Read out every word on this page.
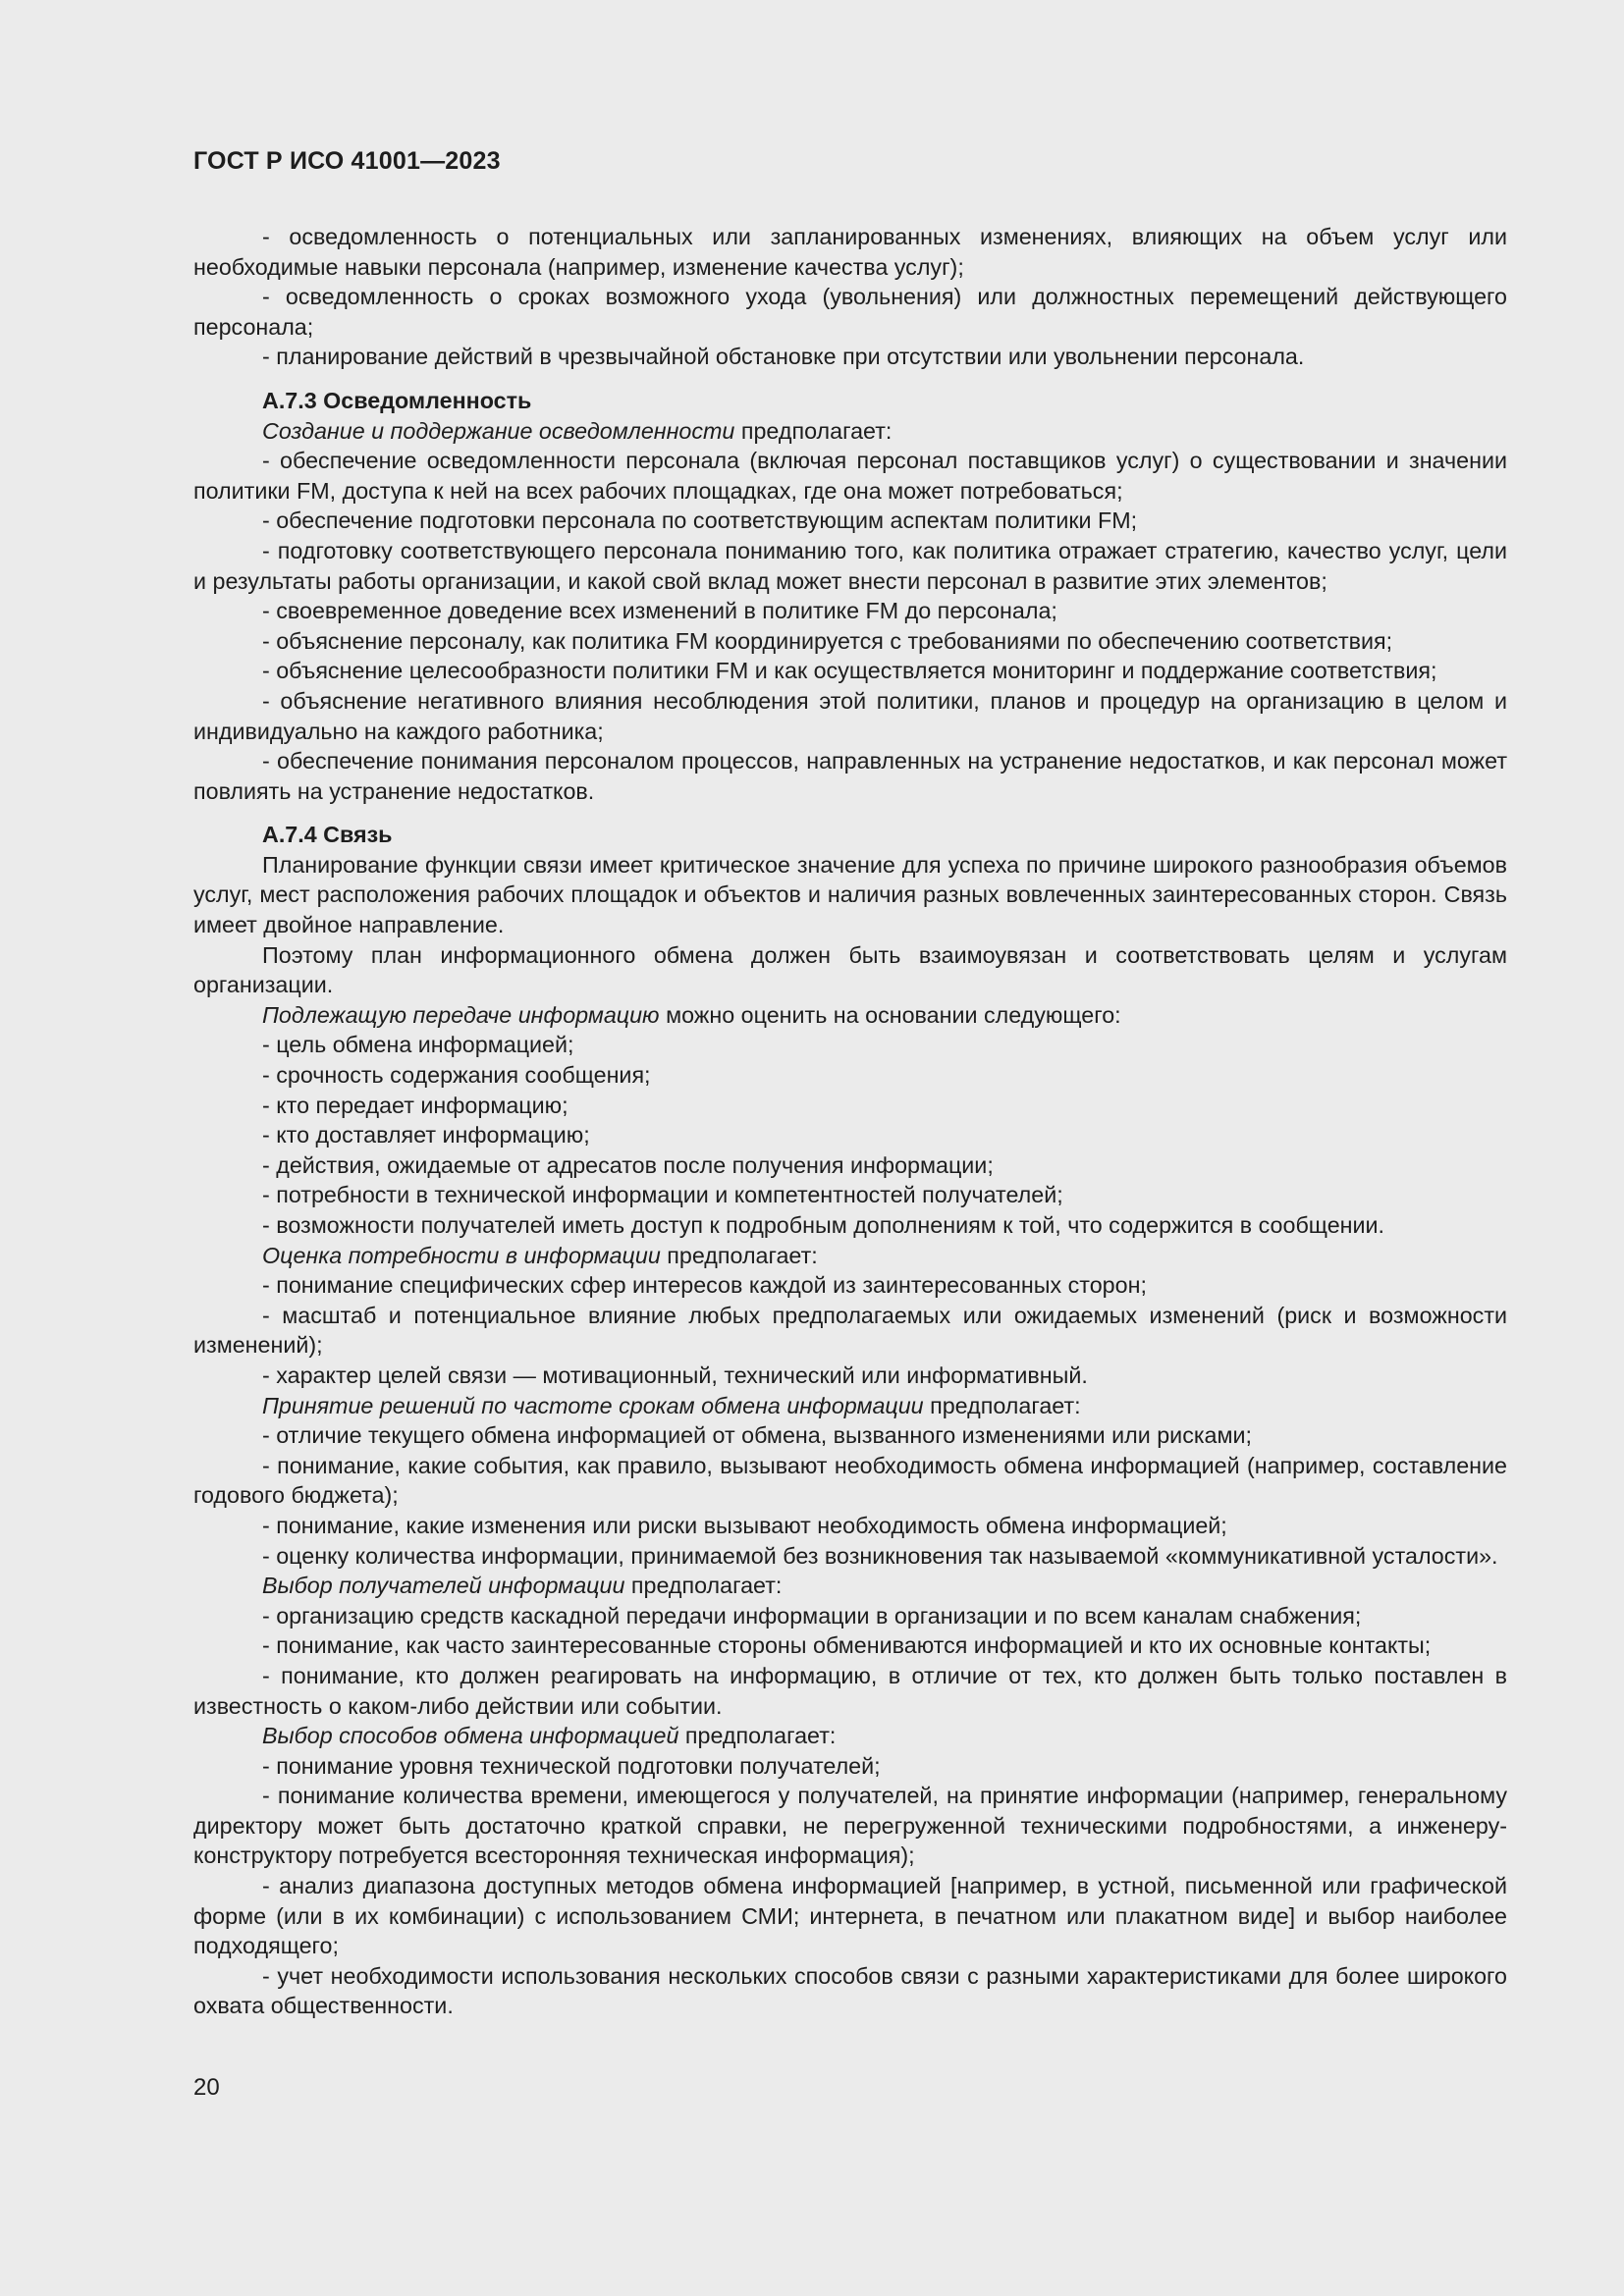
ГОСТ Р ИСО 41001—2023

- осведомленность о потенциальных или запланированных изменениях, влияющих на объем услуг или необходимые навыки персонала (например, изменение качества услуг);

- осведомленность о сроках возможного ухода (увольнения) или должностных перемещений действующего персонала;

- планирование действий в чрезвычайной обстановке при отсутствии или увольнении персонала.

А.7.3 Осведомленность

Создание и поддержание осведомленности предполагает:

- обеспечение осведомленности персонала (включая персонал поставщиков услуг) о существовании и значении политики FM, доступа к ней на всех рабочих площадках, где она может потребоваться;

- обеспечение подготовки персонала по соответствующим аспектам политики FM;

- подготовку соответствующего персонала пониманию того, как политика отражает стратегию, качество услуг, цели и результаты работы организации, и какой свой вклад может внести персонал в развитие этих элементов;

- своевременное доведение всех изменений в политике FM до персонала;

- объяснение персоналу, как политика FM координируется с требованиями по обеспечению соответствия;

- объяснение целесообразности политики FM и как осуществляется мониторинг и поддержание соответствия;

- объяснение негативного влияния несоблюдения этой политики, планов и процедур на организацию в целом и индивидуально на каждого работника;

- обеспечение понимания персоналом процессов, направленных на устранение недостатков, и как персонал может повлиять на устранение недостатков.

А.7.4 Связь

Планирование функции связи имеет критическое значение для успеха по причине широкого разнообразия объемов услуг, мест расположения рабочих площадок и объектов и наличия разных вовлеченных заинтересованных сторон. Связь имеет двойное направление.

Поэтому план информационного обмена должен быть взаимоувязан и соответствовать целям и услугам организации.

Подлежащую передаче информацию можно оценить на основании следующего:

- цель обмена информацией;

- срочность содержания сообщения;

- кто передает информацию;

- кто доставляет информацию;

- действия, ожидаемые от адресатов после получения информации;

- потребности в технической информации и компетентностей получателей;

- возможности получателей иметь доступ к подробным дополнениям к той, что содержится в сообщении.

Оценка потребности в информации предполагает:

- понимание специфических сфер интересов каждой из заинтересованных сторон;

- масштаб и потенциальное влияние любых предполагаемых или ожидаемых изменений (риск и возможности изменений);

- характер целей связи — мотивационный, технический или информативный.

Принятие решений по частоте срокам обмена информации предполагает:

- отличие текущего обмена информацией от обмена, вызванного изменениями или рисками;

- понимание, какие события, как правило, вызывают необходимость обмена информацией (например, составление годового бюджета);

- понимание, какие изменения или риски вызывают необходимость обмена информацией;

- оценку количества информации, принимаемой без возникновения так называемой «коммуникативной усталости».

Выбор получателей информации предполагает:

- организацию средств каскадной передачи информации в организации и по всем каналам снабжения;

- понимание, как часто заинтересованные стороны обмениваются информацией и кто их основные контакты;

- понимание, кто должен реагировать на информацию, в отличие от тех, кто должен быть только поставлен в известность о каком-либо действии или событии.

Выбор способов обмена информацией предполагает:

- понимание уровня технической подготовки получателей;

- понимание количества времени, имеющегося у получателей, на принятие информации (например, генеральному директору может быть достаточно краткой справки, не перегруженной техническими подробностями, а инженеру-конструктору потребуется всесторонняя техническая информация);

- анализ диапазона доступных методов обмена информацией [например, в устной, письменной или графической форме (или в их комбинации) с использованием СМИ; интернета, в печатном или плакатном виде] и выбор наиболее подходящего;

- учет необходимости использования нескольких способов связи с разными характеристиками для более широкого охвата общественности.

20
